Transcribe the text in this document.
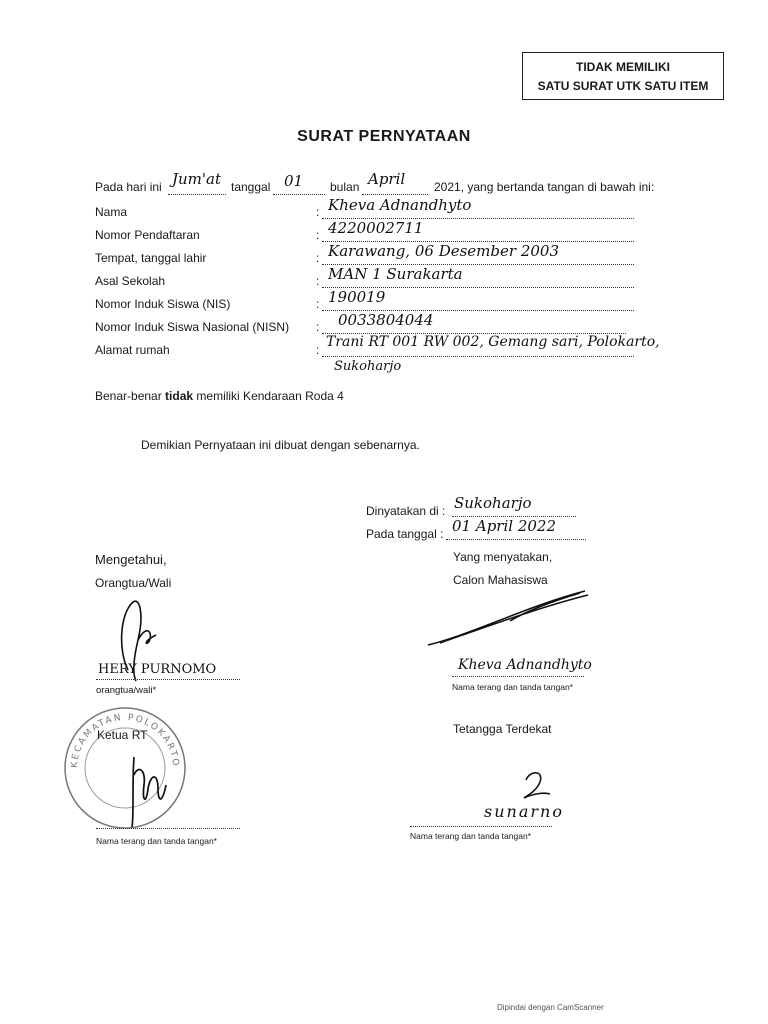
TIDAK MEMILIKI
SATU SURAT UTK SATU ITEM
SURAT PERNYATAAN
Pada hari ini Jum'at tanggal 01 bulan April 2021, yang bertanda tangan di bawah ini:
Nama	: Kheva Adnandhyto
Nomor Pendaftaran	: 4220002711
Tempat, tanggal lahir	: Karawang, 06 Desember 2003
Asal Sekolah	: MAN 1 Surakarta
Nomor Induk Siswa (NIS)	: 190019
Nomor Induk Siswa Nasional (NISN) : 0033804044
Alamat rumah	: Trani RT 001 RW 002, Gemang sari, Polokarto,
Sukoharjo
Benar-benar tidak memiliki Kendaraan Roda 4
Demikian Pernyataan ini dibuat dengan sebenarnya.
Dinyatakan di : Sukoharjo
Pada tanggal : 01 April 2022
Mengetahui,
Orangtua/Wali
HERY PURNOMO
orangtua/wali*
KECAMATAN POLOKARTO
Ketua RT
Nama terang dan tanda tangan*
Yang menyatakan,
Calon Mahasiswa
Kheva Adnandhyto
Nama terang dan tanda tangan*
Tetangga Terdekat
sunarno
Nama terang dan tanda tangan*
Dipindai dengan CamScanner
